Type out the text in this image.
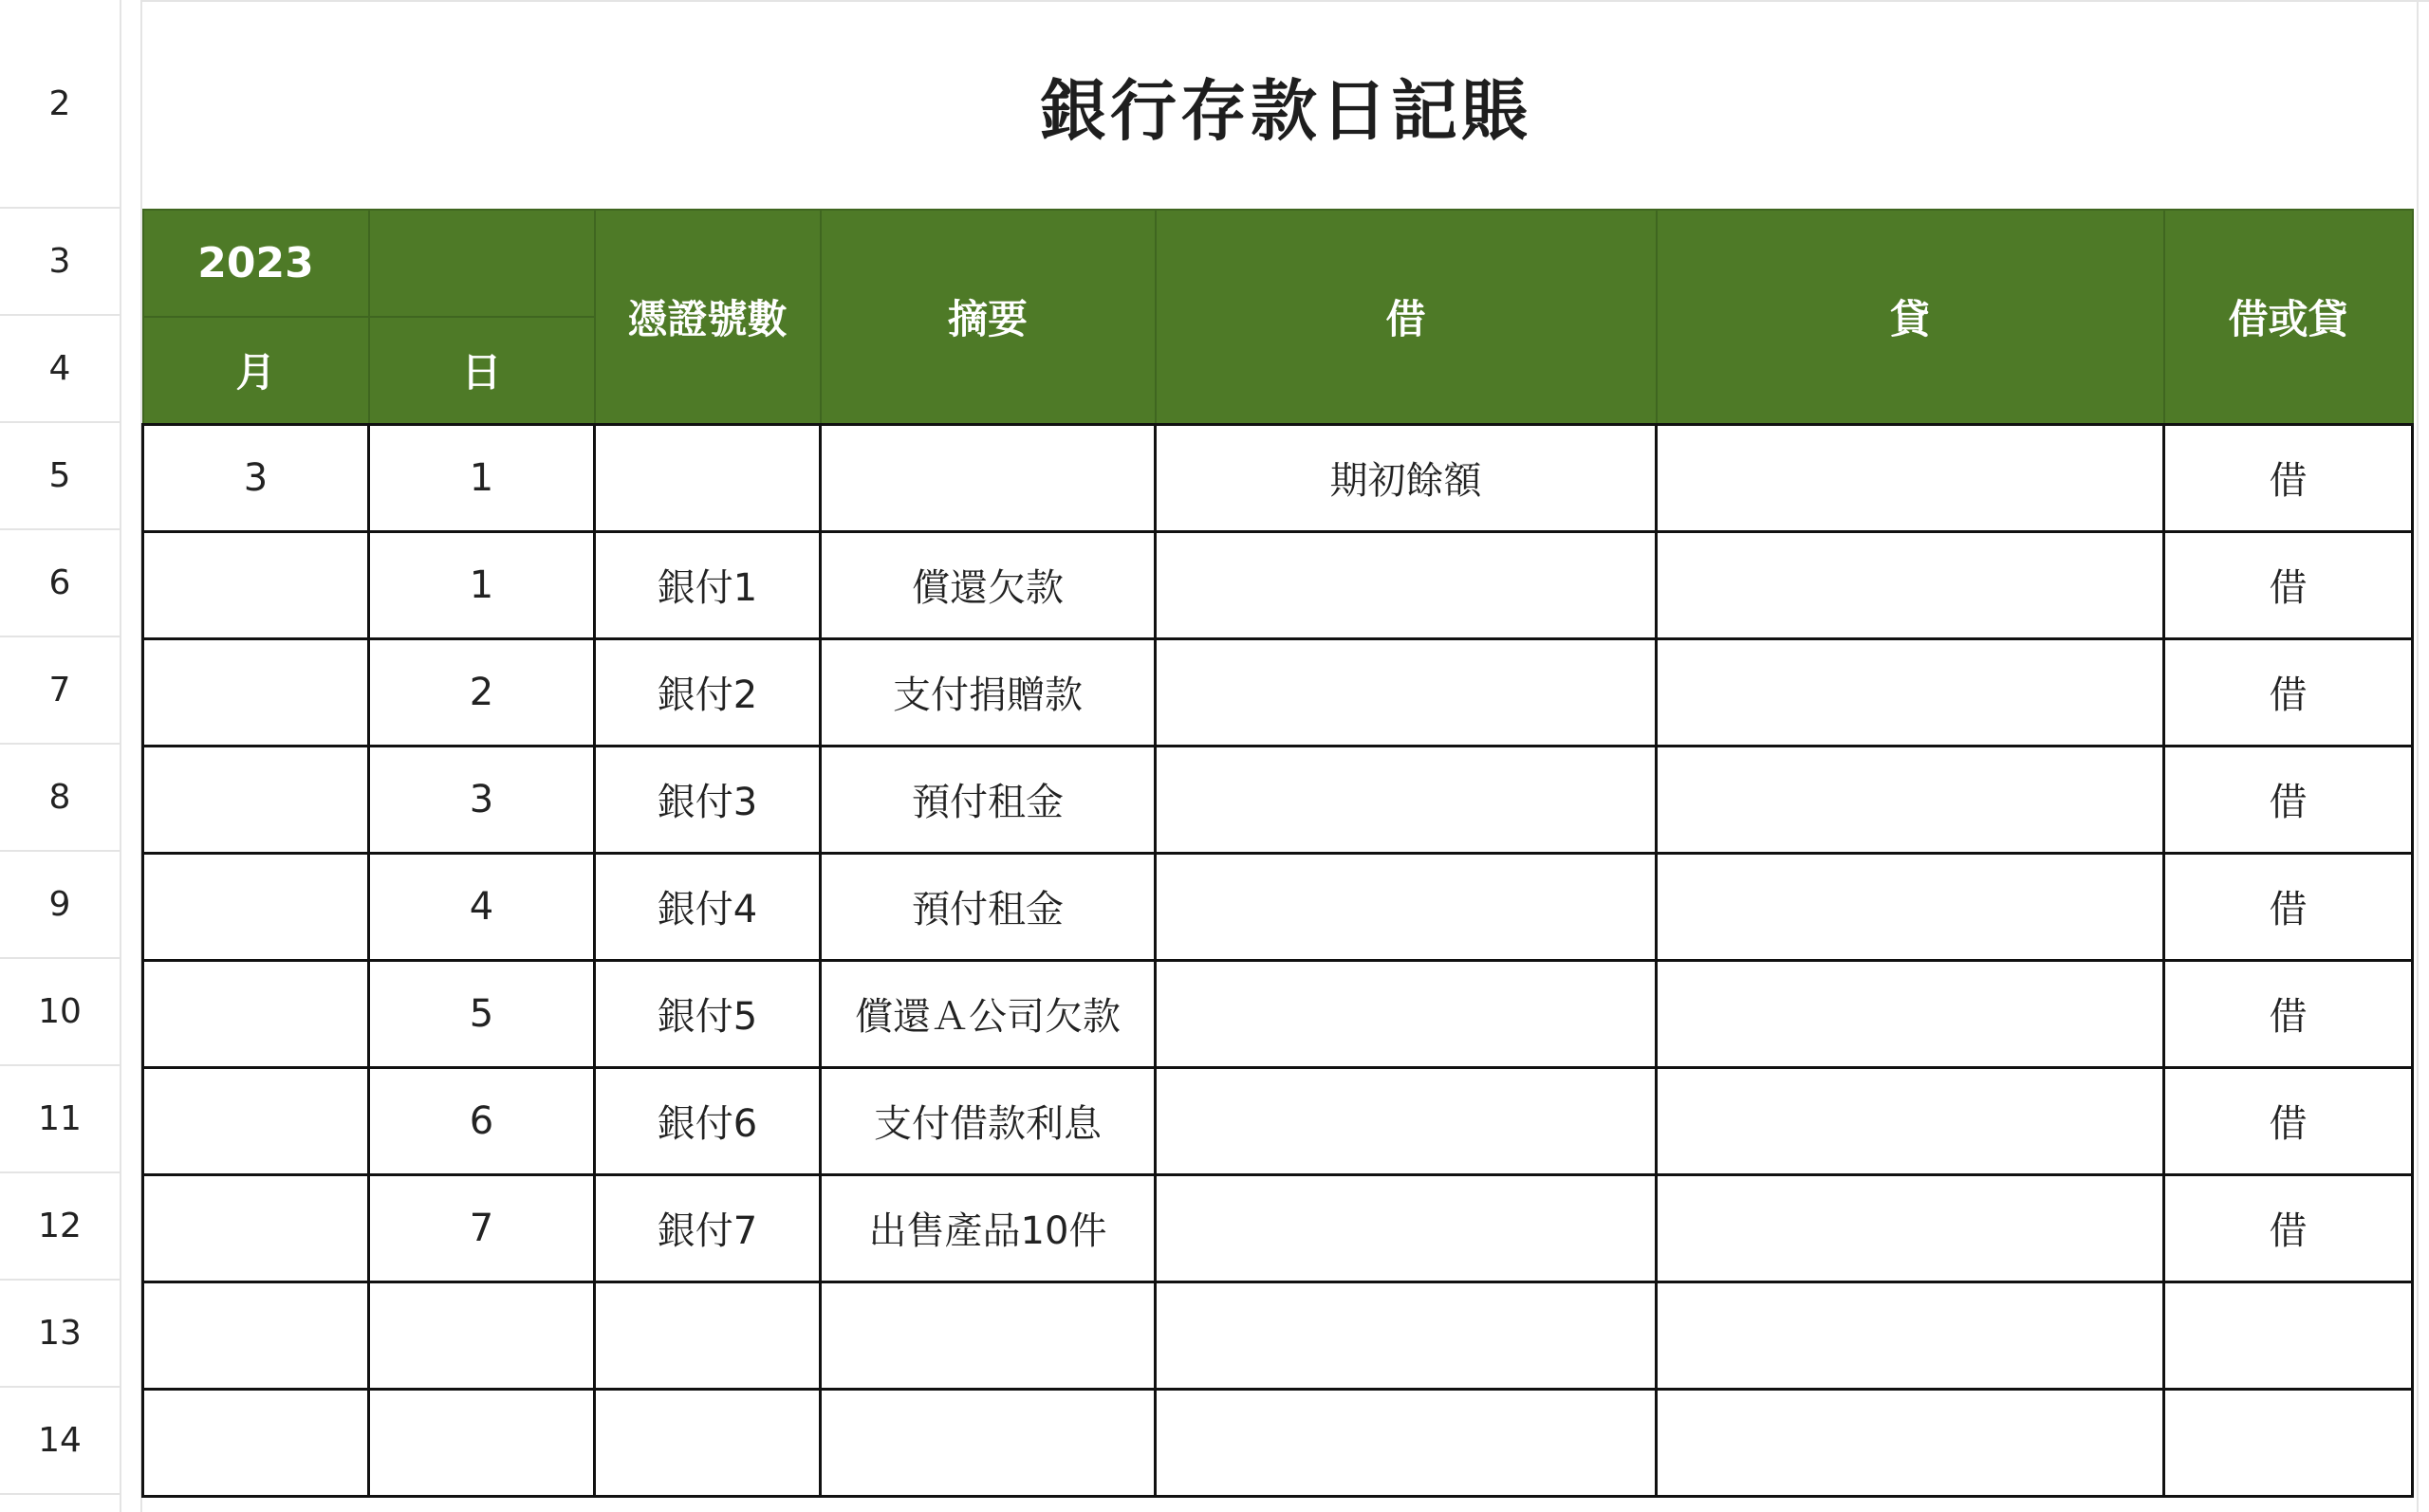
2
3
4
5
6
7
8
9
10
11
12
13
14
銀行存款日記賬
2023		憑證號數	摘要	借	貸	借或貸
月	日					
3	1			期初餘額		借
	1	銀付1	償還欠款			借
	2	銀付2	支付捐贈款			借
	3	銀付3	預付租金			借
	4	銀付4	預付租金			借
	5	銀付5	償還Ａ公司欠款			借
	6	銀付6	支付借款利息			借
	7	銀付7	出售產品10件			借
